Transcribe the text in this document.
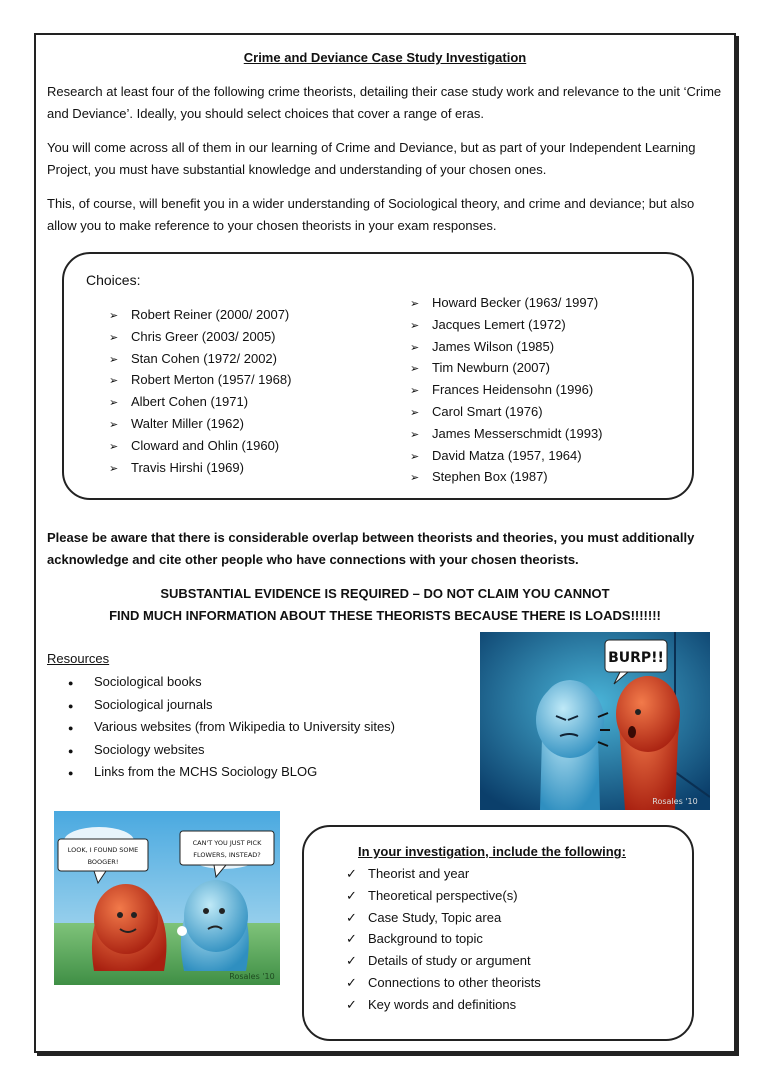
Crime and Deviance Case Study Investigation
Research at least four of the following crime theorists, detailing their case study work and relevance to the unit ‘Crime and Deviance’. Ideally, you should select choices that cover a range of eras.
You will come across all of them in our learning of Crime and Deviance, but as part of your Independent Learning Project, you must have substantial knowledge and understanding of your chosen ones.
This, of course, will benefit you in a wider understanding of Sociological theory, and crime and deviance; but also allow you to make reference to your chosen theorists in your exam responses.
Choices:
➢ Robert Reiner (2000/ 2007)
➢ Chris Greer (2003/ 2005)
➢ Stan Cohen (1972/ 2002)
➢ Robert Merton (1957/ 1968)
➢ Albert Cohen (1971)
➢ Walter Miller (1962)
➢ Cloward and Ohlin (1960)
➢ Travis Hirshi (1969)
➢ Howard Becker (1963/ 1997)
➢ Jacques Lemert (1972)
➢ James Wilson (1985)
➢ Tim Newburn (2007)
➢ Frances Heidensohn (1996)
➢ Carol Smart (1976)
➢ James Messerschmidt (1993)
➢ David Matza (1957, 1964)
➢ Stephen Box (1987)
Please be aware that there is considerable overlap between theorists and theories, you must additionally acknowledge and cite other people who have connections with your chosen theorists.
SUBSTANTIAL EVIDENCE IS REQUIRED – DO NOT CLAIM YOU CANNOT
FIND MUCH INFORMATION ABOUT THESE THEORISTS BECAUSE THERE IS LOADS!!!!!!!
Resources
● Sociological books
● Sociological journals
● Various websites (from Wikipedia to University sites)
● Sociology websites
● Links from the MCHS Sociology BLOG
BURP!!
Rosales '10
LOOK, I FOUND SOME
BOOGER!
CAN'T YOU JUST PICK
FLOWERS, INSTEAD?
Rosales '10
In your investigation, include the following:
✓ Theorist and year
✓ Theoretical perspective(s)
✓ Case Study, Topic area
✓ Background to topic
✓ Details of study or argument
✓ Connections to other theorists
✓ Key words and definitions
